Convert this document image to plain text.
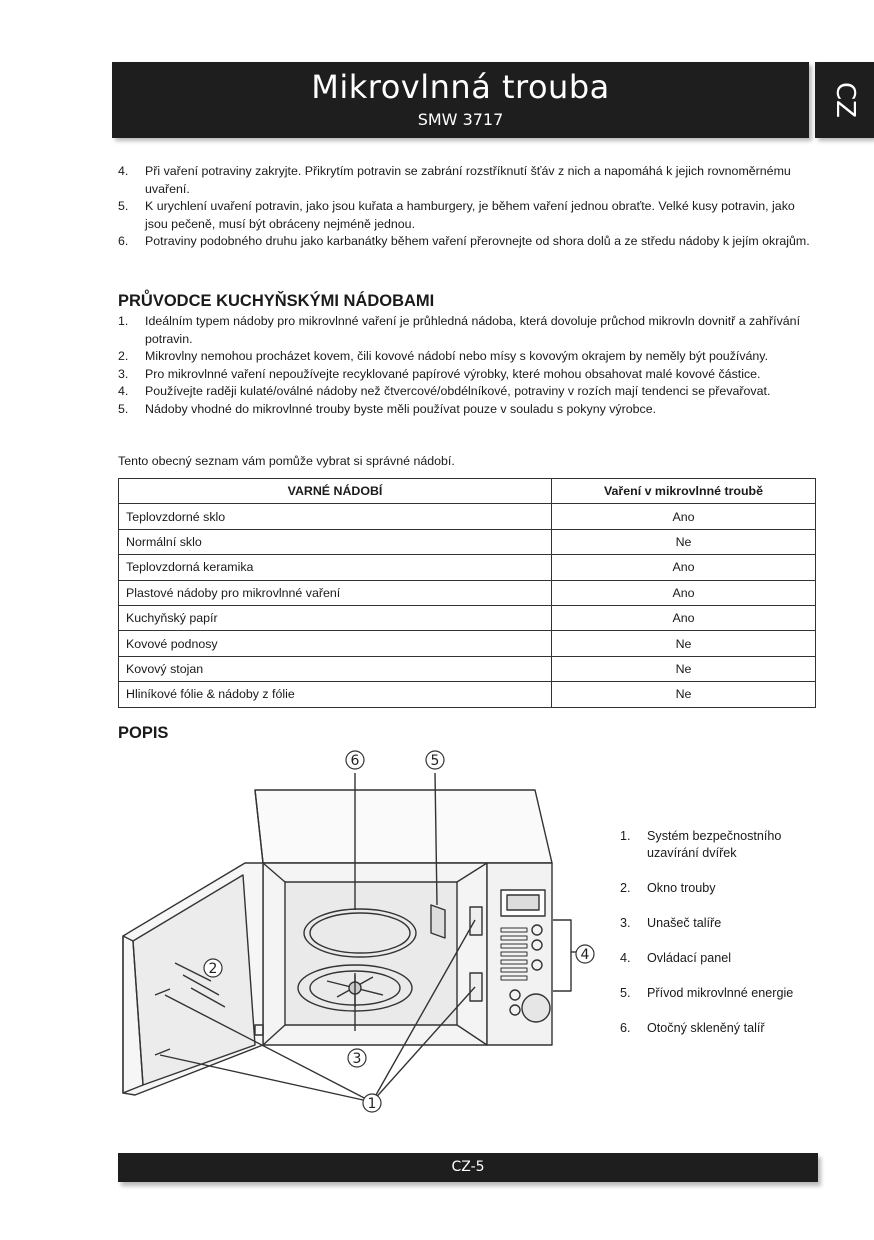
Mikrovlnná trouba
SMW 3717
CZ
4. Při vaření potraviny zakryjte. Přikrytím potravin se zabrání rozstříknutí šťáv z nich a napomáhá k jejich rovnoměrnému uvaření.
5. K urychlení uvaření potravin, jako jsou kuřata a hamburgery, je během vaření jednou obraťte. Velké kusy potravin, jako jsou pečeně, musí být obráceny nejméně jednou.
6. Potraviny podobného druhu jako karbanátky během vaření přerovnejte od shora dolů a ze středu nádoby k jejím okrajům.
PRŮVODCE KUCHYŇSKÝMI NÁDOBAMI
1. Ideálním typem nádoby pro mikrovlnné vaření je průhledná nádoba, která dovoluje průchod mikrovln dovnitř a zahřívání potravin.
2. Mikrovlny nemohou procházet kovem, čili kovové nádobí nebo mísy s kovovým okrajem by neměly být používány.
3. Pro mikrovlnné vaření nepoužívejte recyklované papírové výrobky, které mohou obsahovat malé kovové částice.
4. Používejte raději kulaté/oválné nádoby než čtvercové/obdélníkové, potraviny v rozích mají tendenci se převařovat.
5. Nádoby vhodné do mikrovlnné trouby byste měli používat pouze v souladu s pokyny výrobce.

Tento obecný seznam vám pomůže vybrat si správné nádobí.

VARNÉ NÁDOBÍ	Vaření v mikrovlnné troubě
Teplovzdorné sklo	Ano
Normální sklo	Ne
Teplovzdorná keramika	Ano
Plastové nádoby pro mikrovlnné vaření	Ano
Kuchyňský papír	Ano
Kovové podnosy	Ne
Kovový stojan	Ne
Hliníkové fólie & nádoby z fólie	Ne
POPIS
6	5
2
3
4
1
1. Systém bezpečnostního uzavírání dvířek
2. Okno trouby
3. Unašeč talíře
4. Ovládací panel
5. Přívod mikrovlnné energie
6. Otočný skleněný talíř
CZ-5
